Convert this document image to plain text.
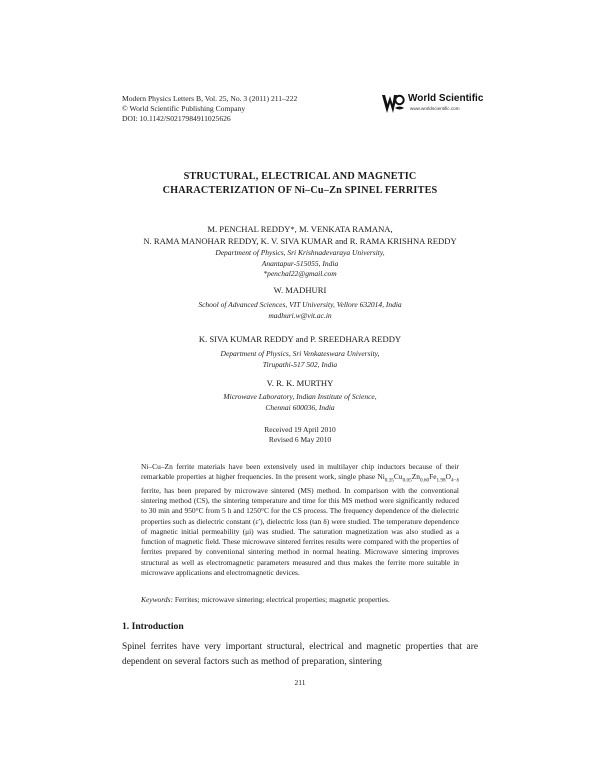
Modern Physics Letters B, Vol. 25, No. 3 (2011) 211–222
© World Scientific Publishing Company
DOI: 10.1142/S0217984911025626
World Scientific
www.worldscientific.com
STRUCTURAL, ELECTRICAL AND MAGNETIC
CHARACTERIZATION OF Ni–Cu–Zn SPINEL FERRITES
M. PENCHAL REDDY*, M. VENKATA RAMANA,
N. RAMA MANOHAR REDDY, K. V. SIVA KUMAR and R. RAMA KRISHNA REDDY
Department of Physics, Sri Krishnadevaraya University,
Anantapur-515055, India
*penchal22@gmail.com
W. MADHURI
School of Advanced Sciences, VIT University, Vellore 632014, India
madhuri.w@vit.ac.in
K. SIVA KUMAR REDDY and P. SREEDHARA REDDY
Department of Physics, Sri Venkateswara University,
Tirupathi-517 502, India
V. R. K. MURTHY
Microwave Laboratory, Indian Institute of Science,
Chennai 600036, India
Received 19 April 2010
Revised 6 May 2010

Ni–Cu–Zn ferrite materials have been extensively used in multilayer chip inductors because of their remarkable properties at higher frequencies. In the present work, single phase $Ni_{0.35}Cu_{0.05}Zn_{0.60}Fe_{1.98}O_{4-\delta}$ ferrite, has been prepared by microwave sintered (MS) method. In comparison with the conventional sintering method (CS), the sintering temperature and time for this MS method were significantly reduced to 30 min and 950°C from 5 h and 1250°C for the CS process. The frequency dependence of the dielectric properties such as dielectric constant (ε′), dielectric loss (tan δ) were studied. The temperature dependence of magnetic initial permeability (μi) was studied. The saturation magnetization was also studied as a function of magnetic field. These microwave sintered ferrites results were compared with the properties of ferrites prepared by conventional sintering method in normal heating. Microwave sintering improves structural as well as electromagnetic parameters measured and thus makes the ferrite more suitable in microwave applications and electromagnetic devices.

Keywords: Ferrites; microwave sintering; electrical properties; magnetic properties.
1. Introduction
Spinel ferrites have very important structural, electrical and magnetic properties that are dependent on several factors such as method of preparation, sintering
211
